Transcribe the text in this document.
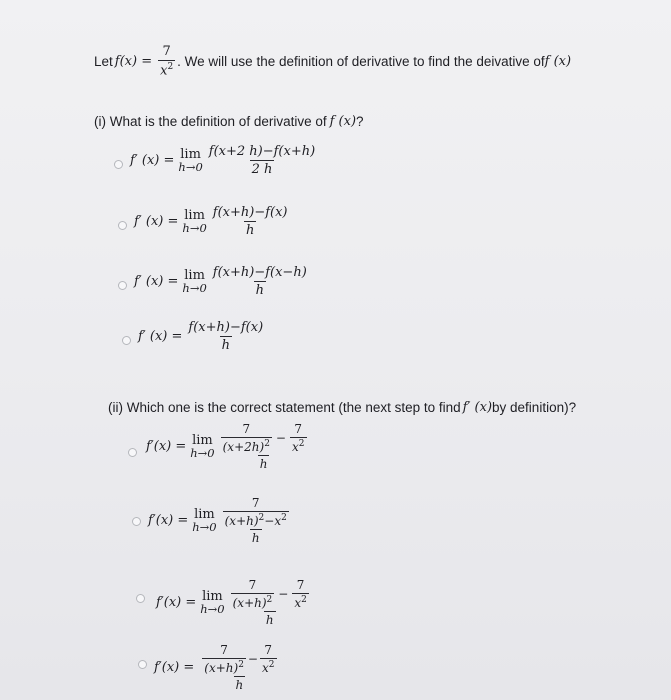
Let $f(x) = \frac{7}{x^2}$ . We will use the definition of derivative to find the deivative of f (x)
(i) What is the definition of derivative of f (x) ?
f′ (x) = lim
$h\to 0 \frac{f(x+2 h)-f(x+h)}{2 h}$
f′ (x) = lim
$h\to 0 \frac{f(x+h)-f(x)}{h}$
f′ (x) = lim
$h\to 0 \frac{f(x+h)-f(x-h)}{h}$
f′ $(x) = \frac{f(x+h)-f(x)}{h}$
(ii) Which one is the correct statement (the next step to find f′ (x) by definition)?
f′(x) = lim
$h\to 0 \frac{\frac{7}{(x+2h)^2} - \frac{7}{x^2}}{h}$
f′(x) = lim
$h\to 0 \frac{\frac{7}{(x+h)^2-x^2}}{h}$
f′(x) = lim
$h\to 0 \frac{\frac{7}{(x+h)^2} - \frac{7}{x^2}}{h}$
$f'(x) = \frac{\frac{7}{(x+h)^2} - \frac{7}{x^2}}{h}$
